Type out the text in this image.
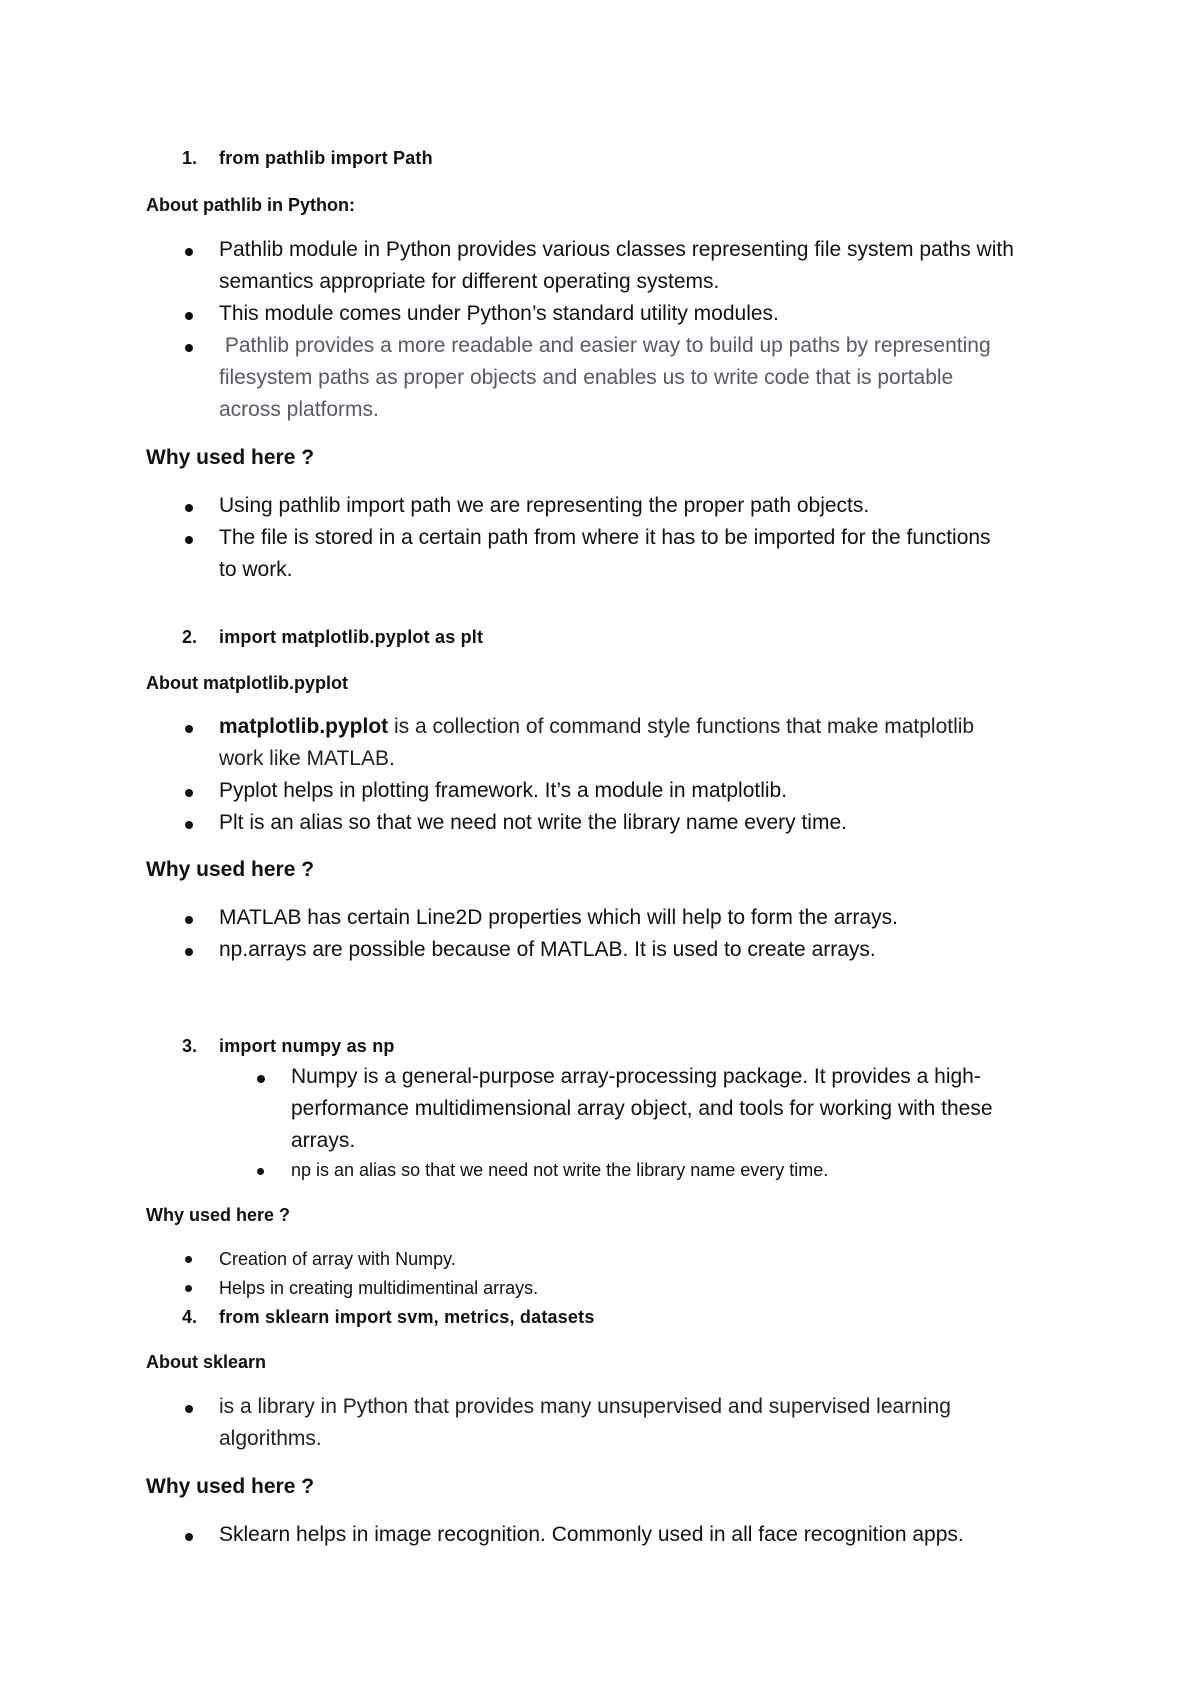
1. from pathlib import Path
About pathlib in Python:
Pathlib module in Python provides various classes representing file system paths with
semantics appropriate for different operating systems.
This module comes under Python’s standard utility modules.
Pathlib provides a more readable and easier way to build up paths by representing
filesystem paths as proper objects and enables us to write code that is portable
across platforms.
Why used here ?
Using pathlib import path we are representing the proper path objects.
The file is stored in a certain path from where it has to be imported for the functions
to work.
2. import matplotlib.pyplot as plt
About matplotlib.pyplot
matplotlib.pyplot is a collection of command style functions that make matplotlib
work like MATLAB.
Pyplot helps in plotting framework. It’s a module in matplotlib.
Plt is an alias so that we need not write the library name every time.
Why used here ?
MATLAB has certain Line2D properties which will help to form the arrays.
np.arrays are possible because of MATLAB. It is used to create arrays.
3. import numpy as np
Numpy is a general-purpose array-processing package. It provides a high-
performance multidimensional array object, and tools for working with these
arrays.
np is an alias so that we need not write the library name every time.
Why used here ?
Creation of array with Numpy.
Helps in creating multidimentinal arrays.
4. from sklearn import svm, metrics, datasets
About sklearn
is a library in Python that provides many unsupervised and supervised learning
algorithms.
Why used here ?
Sklearn helps in image recognition. Commonly used in all face recognition apps.
